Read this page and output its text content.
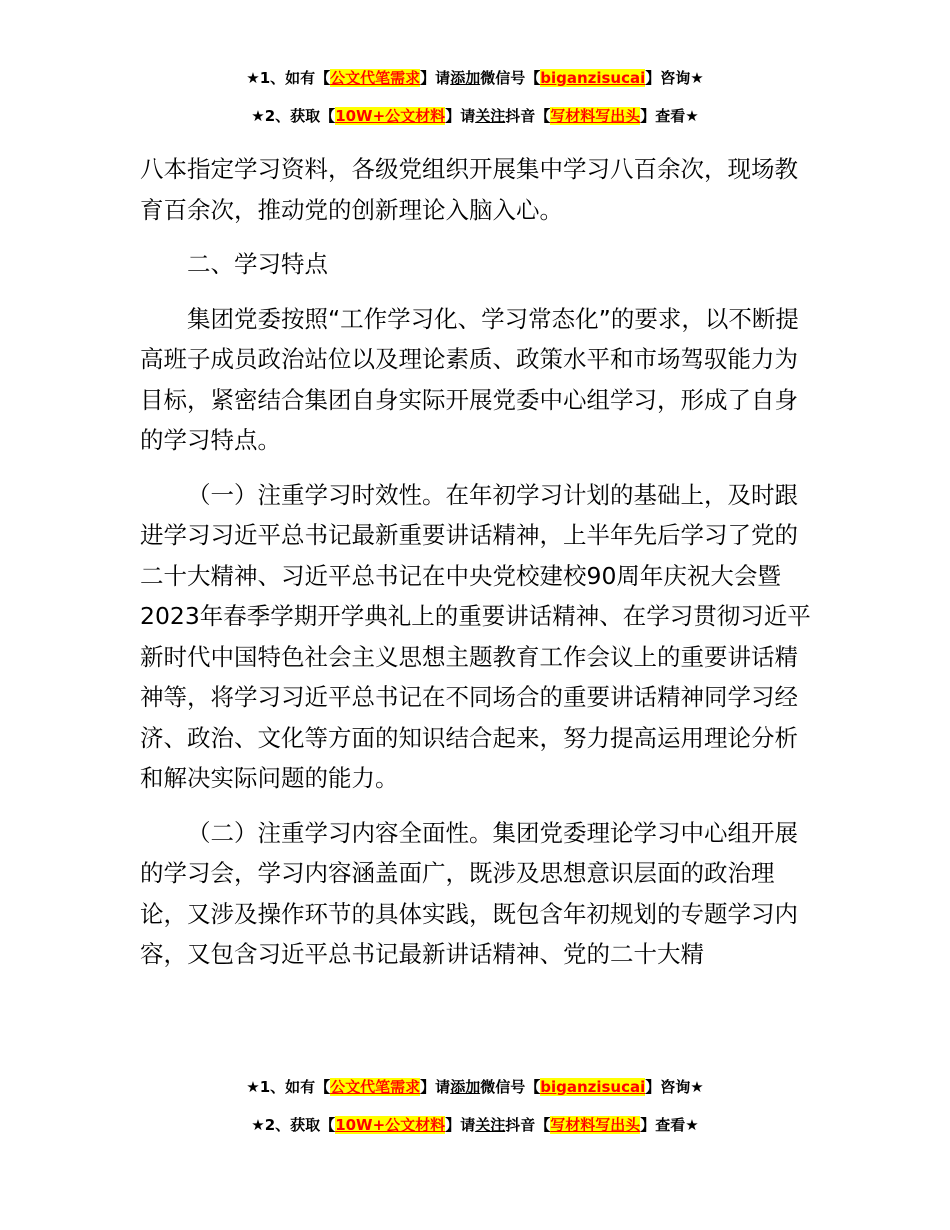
★1、如有【公文代笔需求】请添加微信号【biganzisucai】咨询★
★2、获取【10W+公文材料】请关注抖音【写材料写出头】查看★

八本指定学习资料，各级党组织开展集中学习八百余次，现场教育百余次，推动党的创新理论入脑入心。

二、学习特点

集团党委按照“工作学习化、学习常态化”的要求，以不断提高班子成员政治站位以及理论素质、政策水平和市场驾驭能力为目标，紧密结合集团自身实际开展党委中心组学习，形成了自身的学习特点。

（一）注重学习时效性。在年初学习计划的基础上，及时跟进学习习近平总书记最新重要讲话精神，上半年先后学习了党的二十大精神、习近平总书记在中央党校建校90周年庆祝大会暨2023年春季学期开学典礼上的重要讲话精神、在学习贯彻习近平新时代中国特色社会主义思想主题教育工作会议上的重要讲话精神等，将学习习近平总书记在不同场合的重要讲话精神同学习经济、政治、文化等方面的知识结合起来，努力提高运用理论分析和解决实际问题的能力。

（二）注重学习内容全面性。集团党委理论学习中心组开展的学习会，学习内容涵盖面广，既涉及思想意识层面的政治理论，又涉及操作环节的具体实践，既包含年初规划的专题学习内容，又包含习近平总书记最新讲话精神、党的二十大精

★1、如有【公文代笔需求】请添加微信号【biganzisucai】咨询★
★2、获取【10W+公文材料】请关注抖音【写材料写出头】查看★
